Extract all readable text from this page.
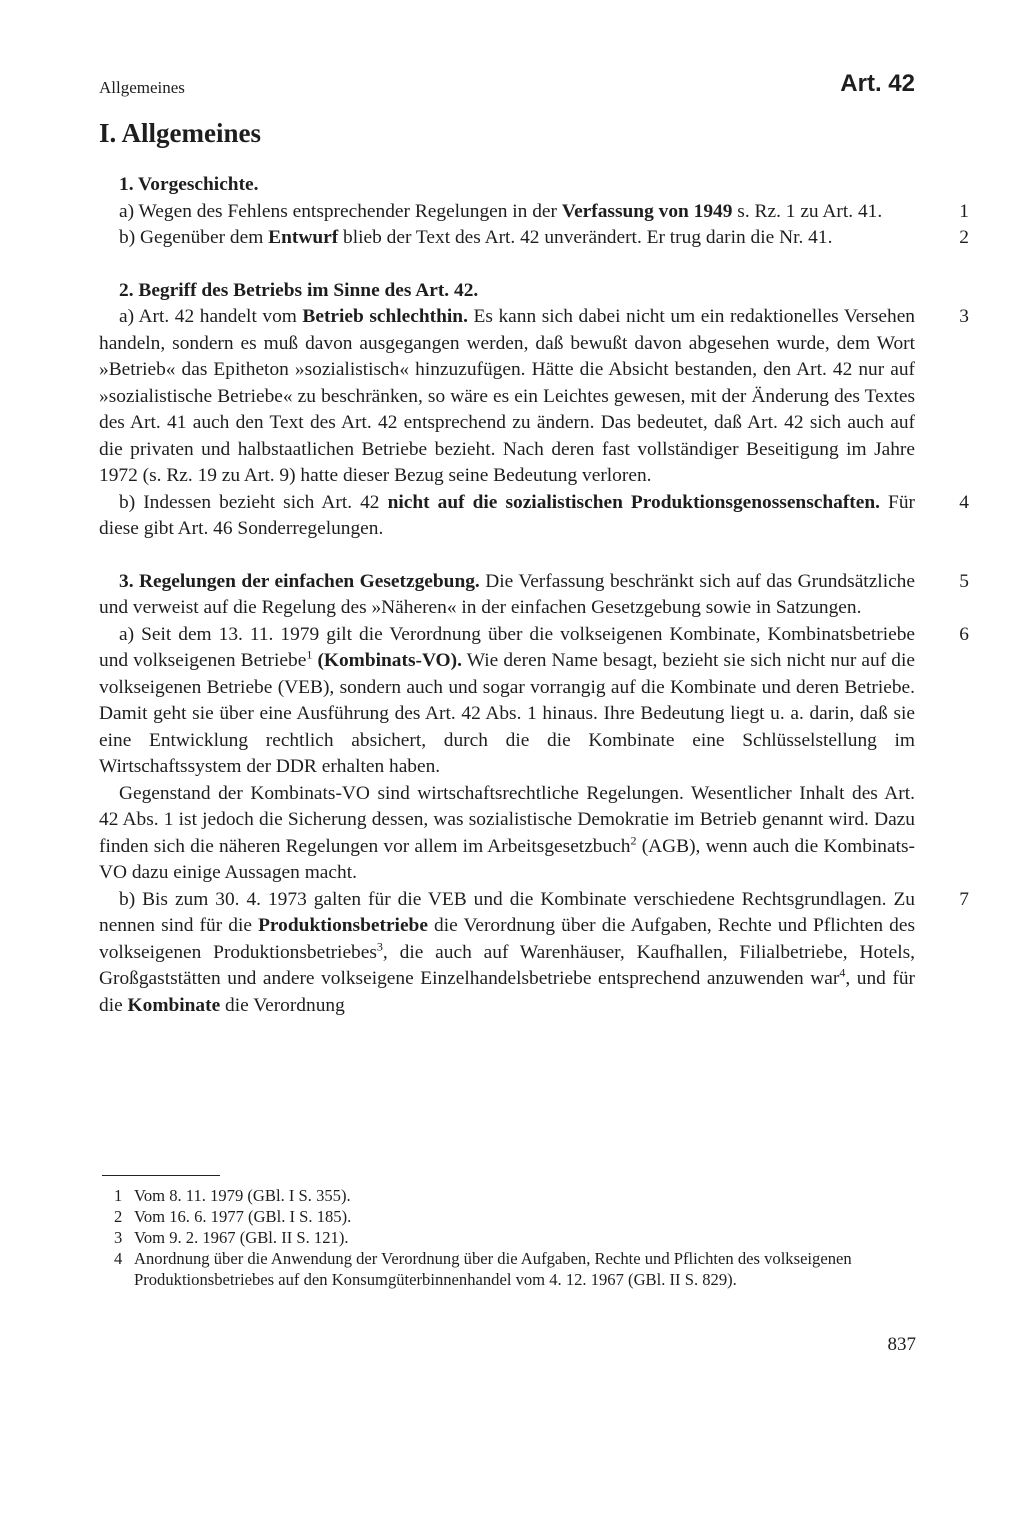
Allgemeines	Art. 42
I. Allgemeines

1. Vorgeschichte.

a) Wegen des Fehlens entsprechender Regelungen in der Verfassung von 1949 s. Rz. 1 zu Art. 41.	1

b) Gegenüber dem Entwurf blieb der Text des Art. 42 unverändert. Er trug darin die Nr. 41.	2

2. Begriff des Betriebs im Sinne des Art. 42.

a) Art. 42 handelt vom Betrieb schlechthin. Es kann sich dabei nicht um ein redaktionelles Versehen handeln, sondern es muß davon ausgegangen werden, daß bewußt davon abgesehen wurde, dem Wort »Betrieb« das Epitheton »sozialistisch« hinzuzufügen. Hätte die Absicht bestanden, den Art. 42 nur auf »sozialistische Betriebe« zu beschränken, so wäre es ein Leichtes gewesen, mit der Änderung des Textes des Art. 41 auch den Text des Art. 42 entsprechend zu ändern. Das bedeutet, daß Art. 42 sich auch auf die privaten und halbstaatlichen Betriebe bezieht. Nach deren fast vollständiger Beseitigung im Jahre 1972 (s. Rz. 19 zu Art. 9) hatte dieser Bezug seine Bedeutung verloren.

3

b) Indessen bezieht sich Art. 42 nicht auf die sozialistischen Produktionsgenossenschaften. Für diese gibt Art. 46 Sonderregelungen.

4

3. Regelungen der einfachen Gesetzgebung. Die Verfassung beschränkt sich auf das Grundsätzliche und verweist auf die Regelung des »Näheren« in der einfachen Gesetzgebung sowie in Satzungen.

5

a) Seit dem 13. 11. 1979 gilt die Verordnung über die volkseigenen Kombinate, Kombinatsbetriebe und volkseigenen Betriebe$^1$ (Kombinats-VO). Wie deren Name besagt, bezieht sie sich nicht nur auf die volkseigenen Betriebe (VEB), sondern auch und sogar vorrangig auf die Kombinate und deren Betriebe. Damit geht sie über eine Ausführung des Art. 42 Abs. 1 hinaus. Ihre Bedeutung liegt u. a. darin, daß sie eine Entwicklung rechtlich absichert, durch die die Kombinate eine Schlüsselstellung im Wirtschaftssystem der DDR erhalten haben.

6

Gegenstand der Kombinats-VO sind wirtschaftsrechtliche Regelungen. Wesentlicher Inhalt des Art. 42 Abs. 1 ist jedoch die Sicherung dessen, was sozialistische Demokratie im Betrieb genannt wird. Dazu finden sich die näheren Regelungen vor allem im Arbeitsgesetzbuch$^2$ (AGB), wenn auch die Kombinats-VO dazu einige Aussagen macht.

b) Bis zum 30. 4. 1973 galten für die VEB und die Kombinate verschiedene Rechtsgrundlagen. Zu nennen sind für die Produktionsbetriebe die Verordnung über die Aufgaben, Rechte und Pflichten des volkseigenen Produktionsbetriebes$^3$, die auch auf Warenhäuser, Kaufhallen, Filialbetriebe, Hotels, Großgaststätten und andere volkseigene Einzelhandelsbetriebe entsprechend anzuwenden war$^4$, und für die Kombinate die Verordnung

7
1 Vom 8. 11. 1979 (GBl. I S. 355).
2 Vom 16. 6. 1977 (GBl. I S. 185).
3 Vom 9. 2. 1967 (GBl. II S. 121).
4 Anordnung über die Anwendung der Verordnung über die Aufgaben, Rechte und Pflichten des volkseigenen Produktionsbetriebes auf den Konsumgüterbinnenhandel vom 4. 12. 1967 (GBl. II S. 829).
837
